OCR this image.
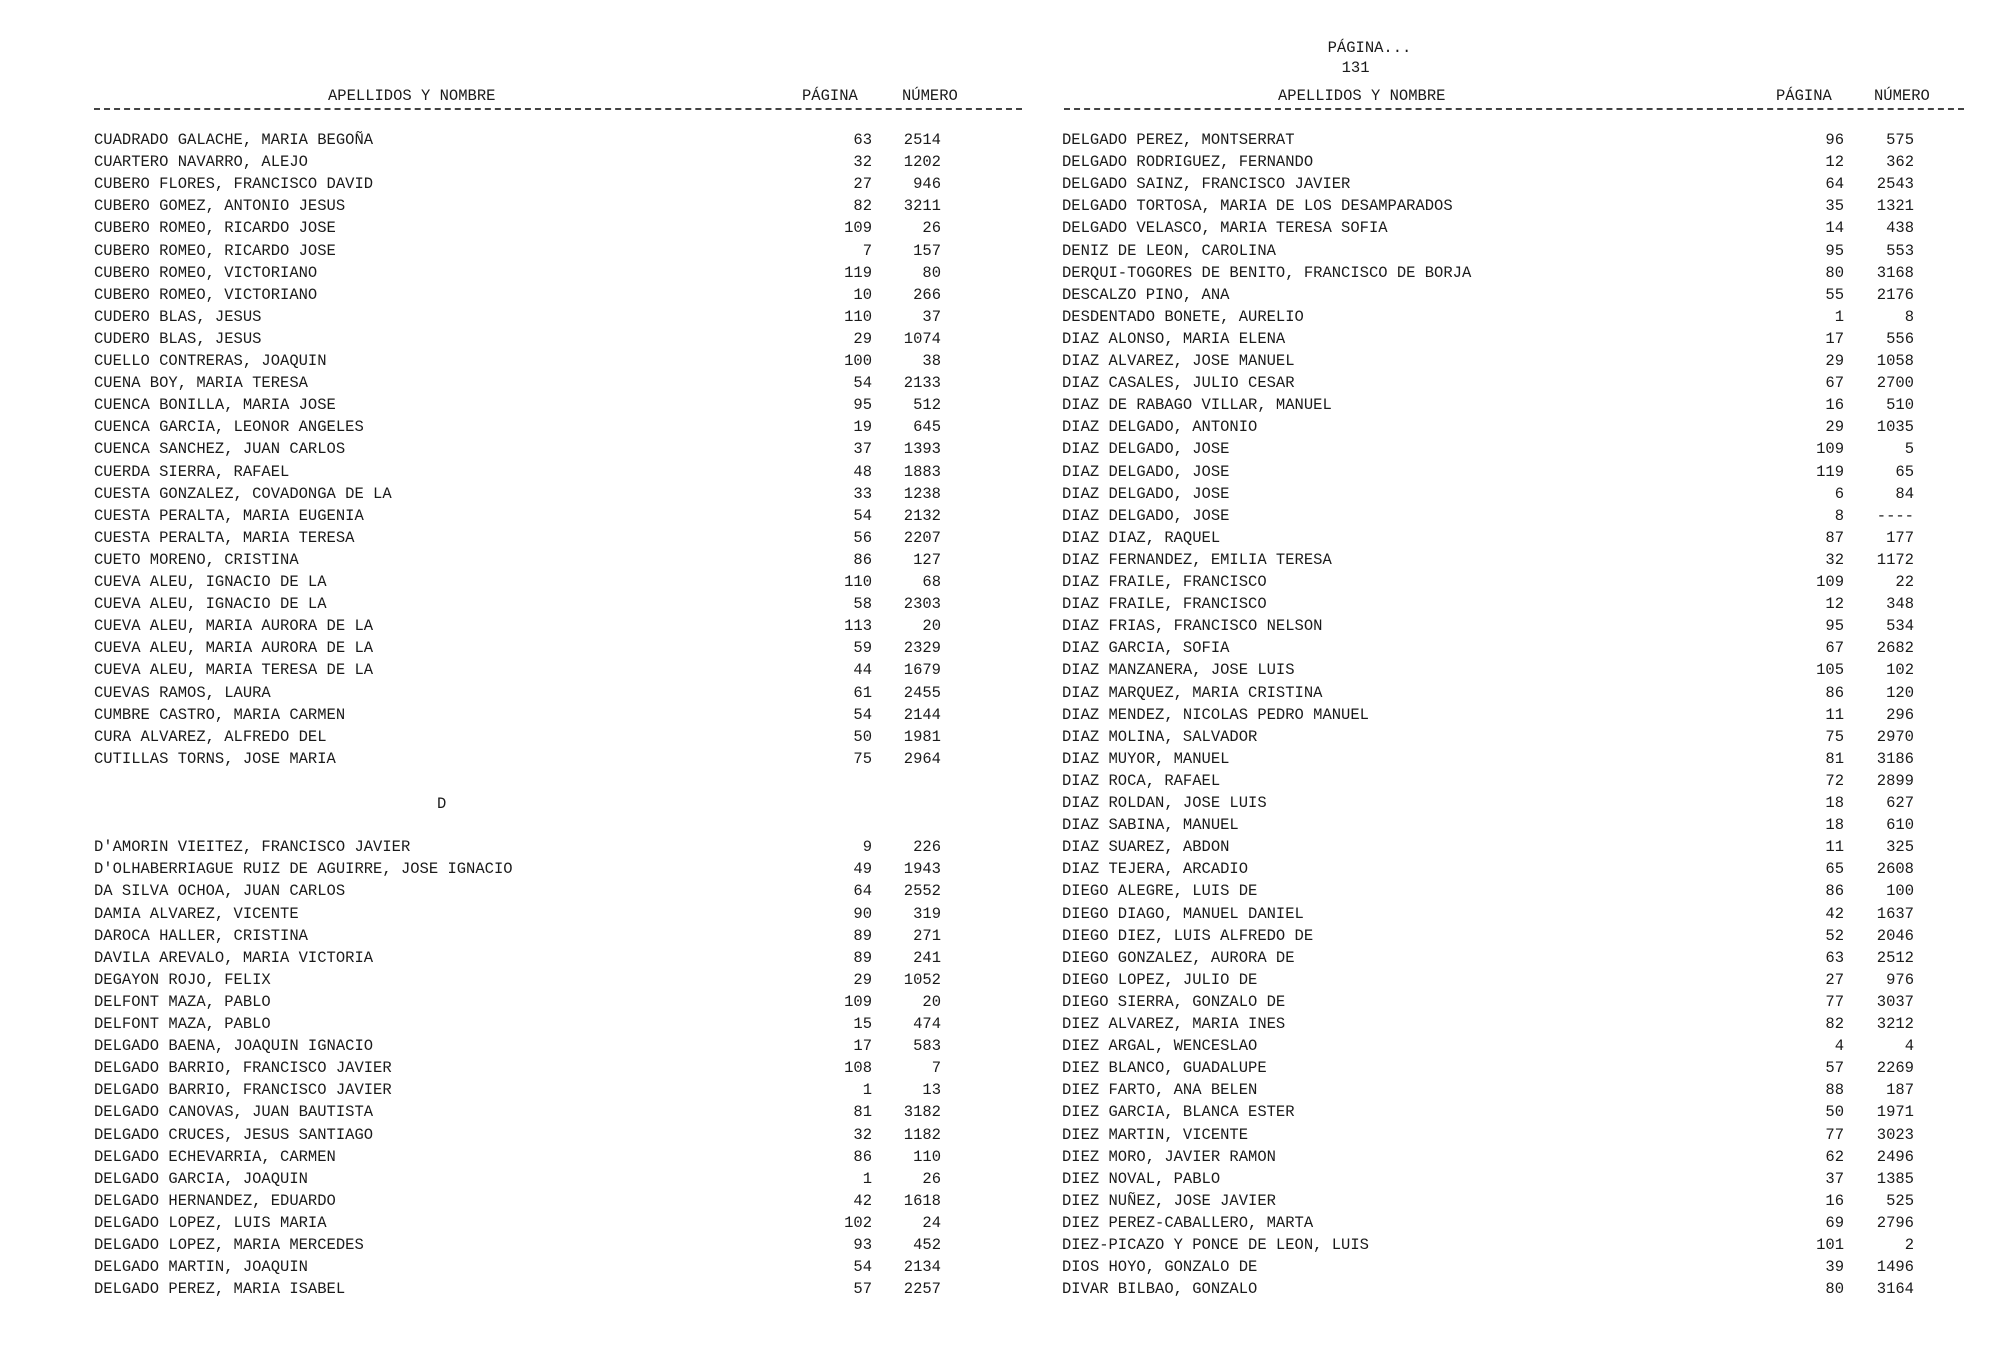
PÁGINA...
131

APELLIDOS Y NOMBRE	PÁGINA	NÚMERO	APELLIDOS Y NOMBRE	PÁGINA	NÚMERO
D
CUADRADO GALACHE, MARIA BEGOÑA	63	2514
CUARTERO NAVARRO, ALEJO	32	1202
CUBERO FLORES, FRANCISCO DAVID	27	946
CUBERO GOMEZ, ANTONIO JESUS	82	3211
CUBERO ROMEO, RICARDO JOSE	109	26
CUBERO ROMEO, RICARDO JOSE	7	157
CUBERO ROMEO, VICTORIANO	119	80
CUBERO ROMEO, VICTORIANO	10	266
CUDERO BLAS, JESUS	110	37
CUDERO BLAS, JESUS	29	1074
CUELLO CONTRERAS, JOAQUIN	100	38
CUENA BOY, MARIA TERESA	54	2133
CUENCA BONILLA, MARIA JOSE	95	512
CUENCA GARCIA, LEONOR ANGELES	19	645
CUENCA SANCHEZ, JUAN CARLOS	37	1393
CUERDA SIERRA, RAFAEL	48	1883
CUESTA GONZALEZ, COVADONGA DE LA	33	1238
CUESTA PERALTA, MARIA EUGENIA	54	2132
CUESTA PERALTA, MARIA TERESA	56	2207
CUETO MORENO, CRISTINA	86	127
CUEVA ALEU, IGNACIO DE LA	110	68
CUEVA ALEU, IGNACIO DE LA	58	2303
CUEVA ALEU, MARIA AURORA DE LA	113	20
CUEVA ALEU, MARIA AURORA DE LA	59	2329
CUEVA ALEU, MARIA TERESA DE LA	44	1679
CUEVAS RAMOS, LAURA	61	2455
CUMBRE CASTRO, MARIA CARMEN	54	2144
CURA ALVAREZ, ALFREDO DEL	50	1981
CUTILLAS TORNS, JOSE MARIA	75	2964
D'AMORIN VIEITEZ, FRANCISCO JAVIER	9	226
D'OLHABERRIAGUE RUIZ DE AGUIRRE, JOSE IGNACIO	49	1943
DA SILVA OCHOA, JUAN CARLOS	64	2552
DAMIA ALVAREZ, VICENTE	90	319
DAROCA HALLER, CRISTINA	89	271
DAVILA AREVALO, MARIA VICTORIA	89	241
DEGAYON ROJO, FELIX	29	1052
DELFONT MAZA, PABLO	109	20
DELFONT MAZA, PABLO	15	474
DELGADO BAENA, JOAQUIN IGNACIO	17	583
DELGADO BARRIO, FRANCISCO JAVIER	108	7
DELGADO BARRIO, FRANCISCO JAVIER	1	13
DELGADO CANOVAS, JUAN BAUTISTA	81	3182
DELGADO CRUCES, JESUS SANTIAGO	32	1182
DELGADO ECHEVARRIA, CARMEN	86	110
DELGADO GARCIA, JOAQUIN	1	26
DELGADO HERNANDEZ, EDUARDO	42	1618
DELGADO LOPEZ, LUIS MARIA	102	24
DELGADO LOPEZ, MARIA MERCEDES	93	452
DELGADO MARTIN, JOAQUIN	54	2134
DELGADO PEREZ, MARIA ISABEL	57	2257
DELGADO PEREZ, MONTSERRAT	96	575
DELGADO RODRIGUEZ, FERNANDO	12	362
DELGADO SAINZ, FRANCISCO JAVIER	64	2543
DELGADO TORTOSA, MARIA DE LOS DESAMPARADOS	35	1321
DELGADO VELASCO, MARIA TERESA SOFIA	14	438
DENIZ DE LEON, CAROLINA	95	553
DERQUI-TOGORES DE BENITO, FRANCISCO DE BORJA	80	3168
DESCALZO PINO, ANA	55	2176
DESDENTADO BONETE, AURELIO	1	8
DIAZ ALONSO, MARIA ELENA	17	556
DIAZ ALVAREZ, JOSE MANUEL	29	1058
DIAZ CASALES, JULIO CESAR	67	2700
DIAZ DE RABAGO VILLAR, MANUEL	16	510
DIAZ DELGADO, ANTONIO	29	1035
DIAZ DELGADO, JOSE	109	5
DIAZ DELGADO, JOSE	119	65
DIAZ DELGADO, JOSE	6	84
DIAZ DELGADO, JOSE	8	----
DIAZ DIAZ, RAQUEL	87	177
DIAZ FERNANDEZ, EMILIA TERESA	32	1172
DIAZ FRAILE, FRANCISCO	109	22
DIAZ FRAILE, FRANCISCO	12	348
DIAZ FRIAS, FRANCISCO NELSON	95	534
DIAZ GARCIA, SOFIA	67	2682
DIAZ MANZANERA, JOSE LUIS	105	102
DIAZ MARQUEZ, MARIA CRISTINA	86	120
DIAZ MENDEZ, NICOLAS PEDRO MANUEL	11	296
DIAZ MOLINA, SALVADOR	75	2970
DIAZ MUYOR, MANUEL	81	3186
DIAZ ROCA, RAFAEL	72	2899
DIAZ ROLDAN, JOSE LUIS	18	627
DIAZ SABINA, MANUEL	18	610
DIAZ SUAREZ, ABDON	11	325
DIAZ TEJERA, ARCADIO	65	2608
DIEGO ALEGRE, LUIS DE	86	100
DIEGO DIAGO, MANUEL DANIEL	42	1637
DIEGO DIEZ, LUIS ALFREDO DE	52	2046
DIEGO GONZALEZ, AURORA DE	63	2512
DIEGO LOPEZ, JULIO DE	27	976
DIEGO SIERRA, GONZALO DE	77	3037
DIEZ ALVAREZ, MARIA INES	82	3212
DIEZ ARGAL, WENCESLAO	4	4
DIEZ BLANCO, GUADALUPE	57	2269
DIEZ FARTO, ANA BELEN	88	187
DIEZ GARCIA, BLANCA ESTER	50	1971
DIEZ MARTIN, VICENTE	77	3023
DIEZ MORO, JAVIER RAMON	62	2496
DIEZ NOVAL, PABLO	37	1385
DIEZ NUÑEZ, JOSE JAVIER	16	525
DIEZ PEREZ-CABALLERO, MARTA	69	2796
DIEZ-PICAZO Y PONCE DE LEON, LUIS	101	2
DIOS HOYO, GONZALO DE	39	1496
DIVAR BILBAO, GONZALO	80	3164
